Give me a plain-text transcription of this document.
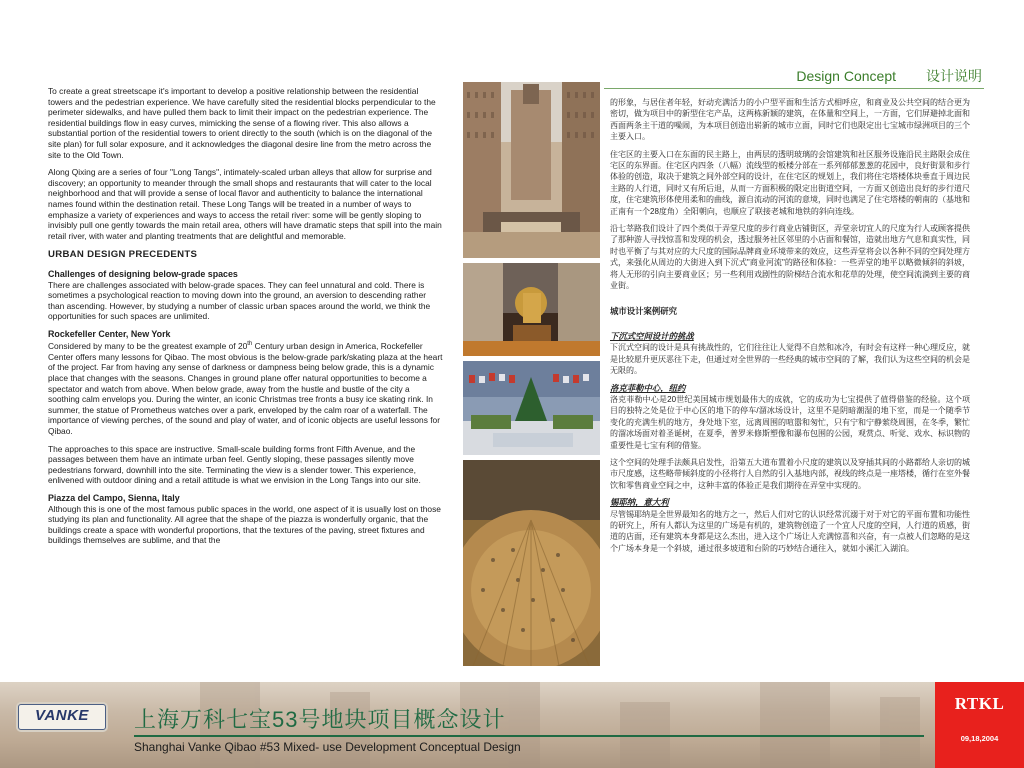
Design Concept 设计说明

To create a great streetscape it's important to develop a positive relationship between the residential towers and the pedestrian experience. We have carefully sited the residential blocks perpendicular to the perimeter sidewalks, and have pulled them back to limit their impact on the pedestrian experience. The residential buildings flow in easy curves, mimicking the sense of a flowing river. This also allows a substantial portion of the residential towers to orient directly to the south (which is on the diagonal of the site plan) for full solar exposure, and it acknowledges the diagonal desire line from the metro across the site to the Old Town.

Along Qixing are a series of four "Long Tangs", intimately-scaled urban alleys that allow for surprise and discovery; an opportunity to meander through the small shops and restaurants that will cater to the local neighborhood and that will provide a sense of local flavor and authenticity to balance the international names found within the destination retail. These Long Tangs will be treated in a number of ways to emphasize a variety of experiences and ways to access the retail river: some will be gently sloping to invisibly pull one gently towards the main retail area, others will have dramatic steps that spill into the main retail river, with water and planting treatments that are delightful and memorable.

URBAN DESIGN PRECEDENTS
Challenges of designing below-grade spaces

There are challenges associated with below-grade spaces. They can feel unnatural and cold. There is sometimes a psychological reaction to moving down into the ground, an aversion to descending rather than ascending. However, by studying a number of classic urban spaces around the world, we think the opportunities for such spaces are unlimited.

Rockefeller Center, New York

Considered by many to be the greatest example of 20th Century urban design in America, Rockefeller Center offers many lessons for Qibao. The most obvious is the below-grade park/skating plaza at the heart of the project. Far from having any sense of darkness or dampness being below grade, this is a dynamic place that changes with the seasons. Changes in ground plane offer natural opportunities to become a spectator and watch from above. When below grade, away from the hustle and bustle of the city a soothing calm envelops you. During the winter, an iconic Christmas tree fronts a busy ice skating rink. In summer, the statue of Prometheus watches over a park, enveloped by the calm roar of a waterfall. The importance of viewing perches, of the sound and play of water, and of iconic objects are useful lessons for Qibao.

The approaches to this space are instructive. Small-scale building forms front Fifth Avenue, and the passages between them have an intimate urban feel. Gently sloping, these passages silently move pedestrians forward, downhill into the site. Terminating the view is a slender tower. This experience, enlivened with outdoor dining and a retail attitude is what we envision in the Long Tangs into our site.

Piazza del Campo, Sienna, Italy

Although this is one of the most famous public spaces in the world, one aspect of it is usually lost on those studying its plan and functionality. All agree that the shape of the piazza is wonderfully organic, that the buildings create a space with wonderful proportions, that the textures of the paving, street fixtures and buildings themselves are sublime, and that the

的形象，与居住者年轻，好动充满活力的小户型平面和生活方式相呼应，和商业及公共空间的结合更为密切，做为项目中的新型住宅产品，这两栋新颖的建筑，在体量和空间上，一方面，它们屏避掉北面和西面两条主干道的噪闹，为本项目创造出崭新的城市立面，同时它们也限定出七宝城市绿洲项目的三个主要入口。

住宅区的主要入口在东面的民主路上，由两层的透明玻璃的会馆建筑和社区服务设施沿民主路限会成住宅区的东界面。住宅区内四条（八幅）流线型的板楼分部在一系列郁郁葱葱的花园中，良好街景和步行体验的创造，取决于建筑之间外部空间的设计，在住宅区的规划上，我们将住宅塔楼体块垂直于周边民主路的人行道，同时又有所后退，从而一方面积极的限定出街道空间，一方面又创造出良好的步行道尺度，住宅建筑形体使用柔和的曲线，源自流动的河流的意境，同时也满足了住宅塔楼的朝南的（基地和正南有一个28度角）全阳朝向，也顺应了联接老城和地铁的斜向连线。

沿七莘路我们设计了四个类似于弄堂尺度的步行商业店铺街区，弄堂亲切宜人的尺度为行人或顾客提供了那种游人寻找惊喜和发现的机会，透过服务社区邻里的小店面和餐馆，造就出地方气息和真实性，同时也平衡了与其对应的大尺度的国际品牌商业环境带来的效应，这些弄堂将会以各种不同的空间处理方式，来强化从周边的大街进入到下沉式"商业河流"的路径和体验：一些弄堂的地平以略微倾斜的斜坡，将人无形的引向主要商业区；另一些利用戏剧性的阶梯结合流水和花草的处理，使空间流淌到主要的商业街。

城市设计案例研究

下沉式空间设计的挑战

下沉式空间的设计是具有挑战性的，它们往往让人觉得不自然和冰冷，有时会有这样一种心理反应，就是比较愿升更厌恶往下走，但通过对全世界的一些经典的城市空间的了解，我们认为这些空间的机会是无限的。

洛克菲勒中心，纽约

洛克菲勒中心是20世纪美国城市规划最伟大的成就，它的成功为七宝提供了值得借鉴的经验。这个项目的独特之处是位于中心区的地下的停车/溜冰场设计，这里不是阴暗潮湿的地下室，而是一个随季节变化的充满生机的地方，身处地下室，远离周围的喧嚣和匆忙，只有宁和宁静萦绕周围，在冬季，繁忙的溜冰场面对着圣诞树，在夏季，普罗米修斯塑像和瀑布包围的公园，观赏点、听觉、戏水、标识物的重要性是七宝有利的借鉴。

这个空间的处理手法颇具启发性，沿第五大道布置着小尺度的建筑以及穿插其间的小路都给人亲切的城市尺度感，这些略带倾斜度的小径将行人自然的引入基地内部，视线的终点是一座塔楼，循行在室外餐饮和零售商业空间之中，这种丰富的体验正是我们期待在弄堂中实现的。

锡耶纳，意大利

尽管锡耶纳是全世界最知名的地方之一，然后人们对它的认识经常沉溺于对于对它的平面布置和功能性的研究上，所有人都认为这里的广场是有机的，建筑物创造了一个宜人尺度的空间，人行道的质感，街道的店面，还有建筑本身都是这么杰出，进入这个广场让人充满惊喜和兴奋，有一点被人们忽略的是这个广场本身是一个斜坡，通过很多坡道和台阶的巧妙结合通往入，就如小溪汇入湖泊。

VANKE	上海万科七宝53号地块项目概念设计
Shanghai Vanke Qibao #53 Mixed- use Development Conceptual Design
RTKL
09,18,2004
